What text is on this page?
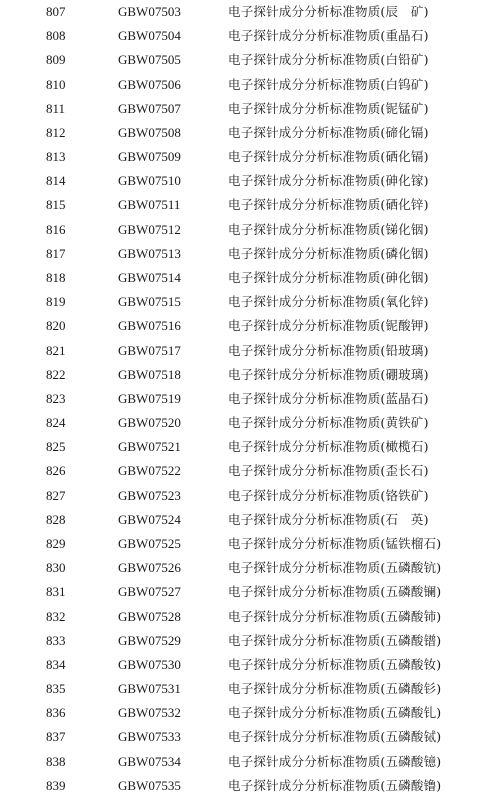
807	GBW07503	电子探针成分分析标准物质(辰　矿)
808	GBW07504	电子探针成分分析标准物质(重晶石)
809	GBW07505	电子探针成分分析标准物质(白铅矿)
810	GBW07506	电子探针成分分析标准物质(白钨矿)
811	GBW07507	电子探针成分分析标准物质(铌锰矿)
812	GBW07508	电子探针成分分析标准物质(碲化镉)
813	GBW07509	电子探针成分分析标准物质(硒化镉)
814	GBW07510	电子探针成分分析标准物质(砷化镓)
815	GBW07511	电子探针成分分析标准物质(硒化锌)
816	GBW07512	电子探针成分分析标准物质(锑化铟)
817	GBW07513	电子探针成分分析标准物质(磷化铟)
818	GBW07514	电子探针成分分析标准物质(砷化铟)
819	GBW07515	电子探针成分分析标准物质(氧化锌)
820	GBW07516	电子探针成分分析标准物质(铌酸钾)
821	GBW07517	电子探针成分分析标准物质(铅玻璃)
822	GBW07518	电子探针成分分析标准物质(硼玻璃)
823	GBW07519	电子探针成分分析标准物质(蓝晶石)
824	GBW07520	电子探针成分分析标准物质(黄铁矿)
825	GBW07521	电子探针成分分析标准物质(橄榄石)
826	GBW07522	电子探针成分分析标准物质(歪长石)
827	GBW07523	电子探针成分分析标准物质(铬铁矿)
828	GBW07524	电子探针成分分析标准物质(石　英)
829	GBW07525	电子探针成分分析标准物质(锰铁榴石)
830	GBW07526	电子探针成分分析标准物质(五磷酸钪)
831	GBW07527	电子探针成分分析标准物质(五磷酸镧)
832	GBW07528	电子探针成分分析标准物质(五磷酸铈)
833	GBW07529	电子探针成分分析标准物质(五磷酸镨)
834	GBW07530	电子探针成分分析标准物质(五磷酸钕)
835	GBW07531	电子探针成分分析标准物质(五磷酸钐)
836	GBW07532	电子探针成分分析标准物质(五磷酸钆)
837	GBW07533	电子探针成分分析标准物质(五磷酸铽)
838	GBW07534	电子探针成分分析标准物质(五磷酸镱)
839	GBW07535	电子探针成分分析标准物质(五磷酸镥)
